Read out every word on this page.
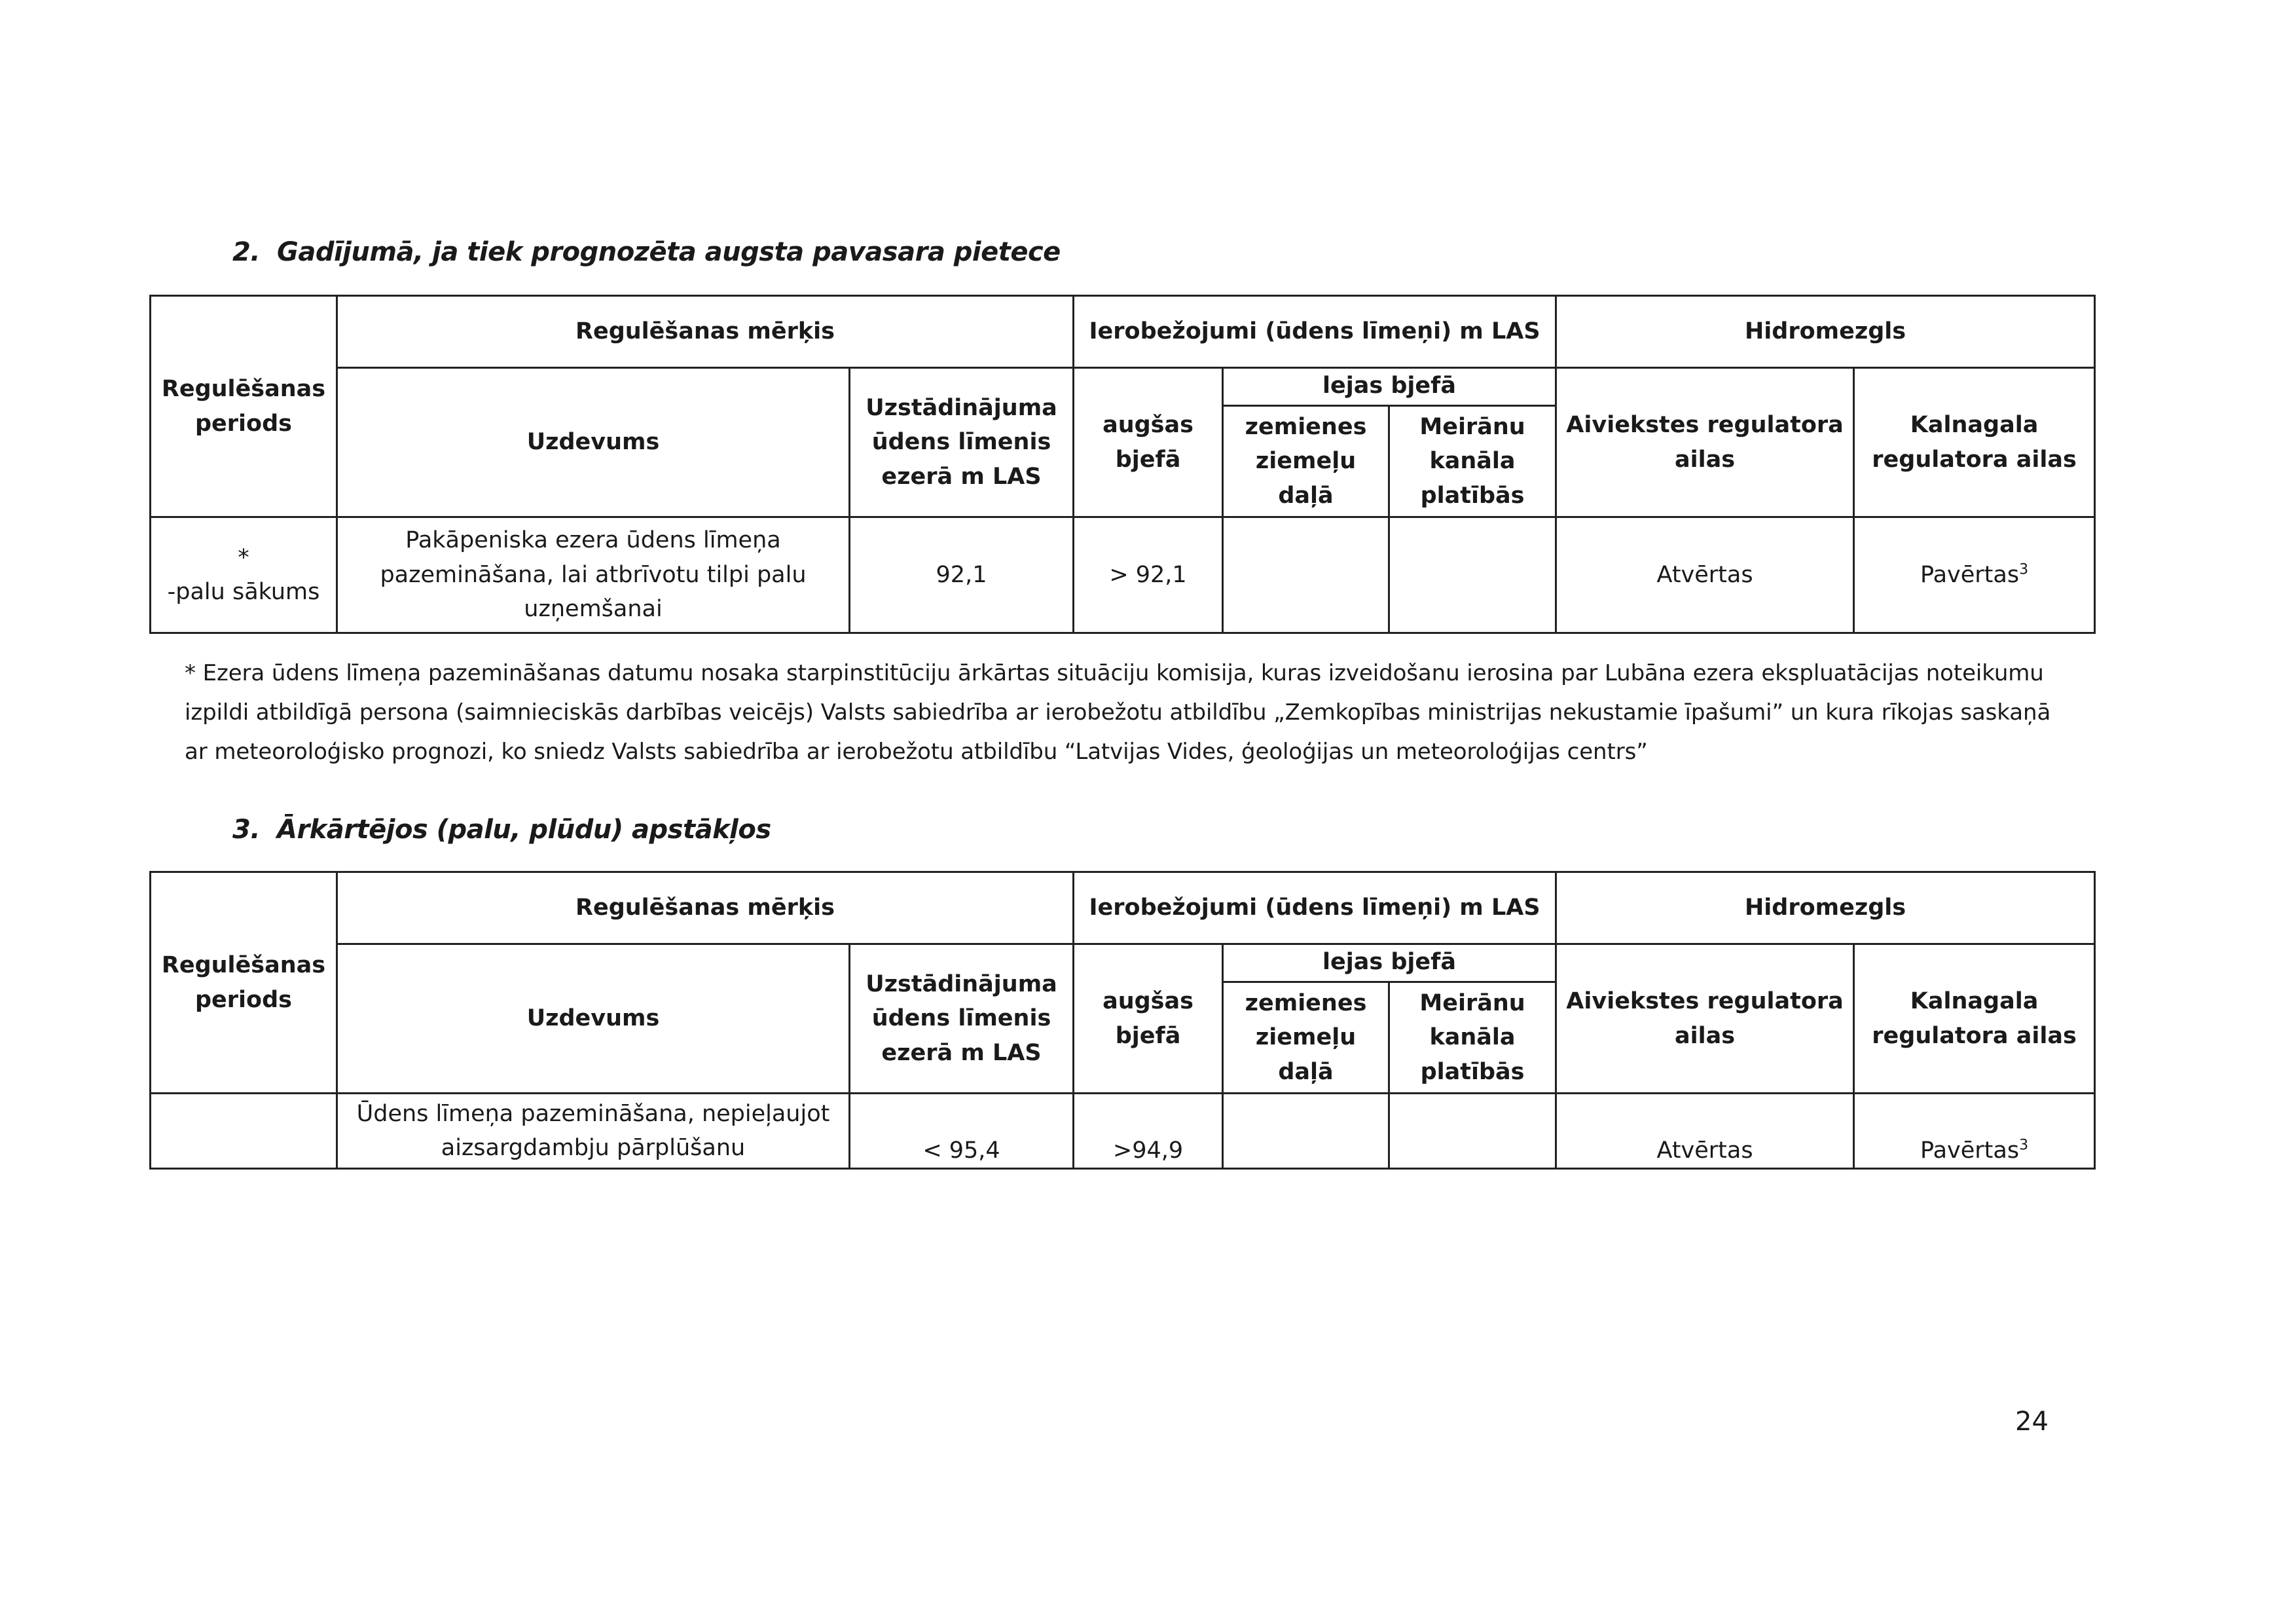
2. Gadījumā, ja tiek prognozēta augsta pavasara pietece
Regulēšanas periods	Regulēšanas mērķis		Ierobežojumi (ūdens līmeņi) m LAS			Hidromezgls	
	Uzdevums	Uzstādinājuma ūdens līmenis ezerā m LAS	augšas bjefā	lejas bjefā		Aiviekstes regulatora ailas	Kalnagala regulatora ailas
				zemienes ziemeļu daļā	Meirānu kanāla platībās		

*
-palu sākums	Pakāpeniska ezera ūdens līmeņa pazemināšana, lai atbrīvotu tilpi palu uzņemšanai	92,1	> 92,1			Atvērtas	Pavērtas$^3$
* Ezera ūdens līmeņa pazemināšanas datumu nosaka starpinstitūciju ārkārtas situāciju komisija, kuras izveidošanu ierosina par Lubāna ezera ekspluatācijas noteikumu izpildi atbildīgā persona (saimnieciskās darbības veicējs) Valsts sabiedrība ar ierobežotu atbildību „Zemkopības ministrijas nekustamie īpašumi” un kura rīkojas saskaņā ar meteoroloģisko prognozi, ko sniedz Valsts sabiedrība ar ierobežotu atbildību “Latvijas Vides, ģeoloģijas un meteoroloģijas centrs”
3. Ārkārtējos (palu, plūdu) apstākļos
Regulēšanas periods	Regulēšanas mērķis		Ierobežojumi (ūdens līmeņi) m LAS			Hidromezgls	
	Uzdevums	Uzstādinājuma ūdens līmenis ezerā m LAS	augšas bjefā	lejas bjefā		Aiviekstes regulatora ailas	Kalnagala regulatora ailas
				zemienes ziemeļu daļā	Meirānu kanāla platībās		
	Ūdens līmeņa pazemināšana, nepieļaujot aizsargdambju pārplūšanu	< 95,4	>94,9			Atvērtas	Pavērtas$^3$
24
